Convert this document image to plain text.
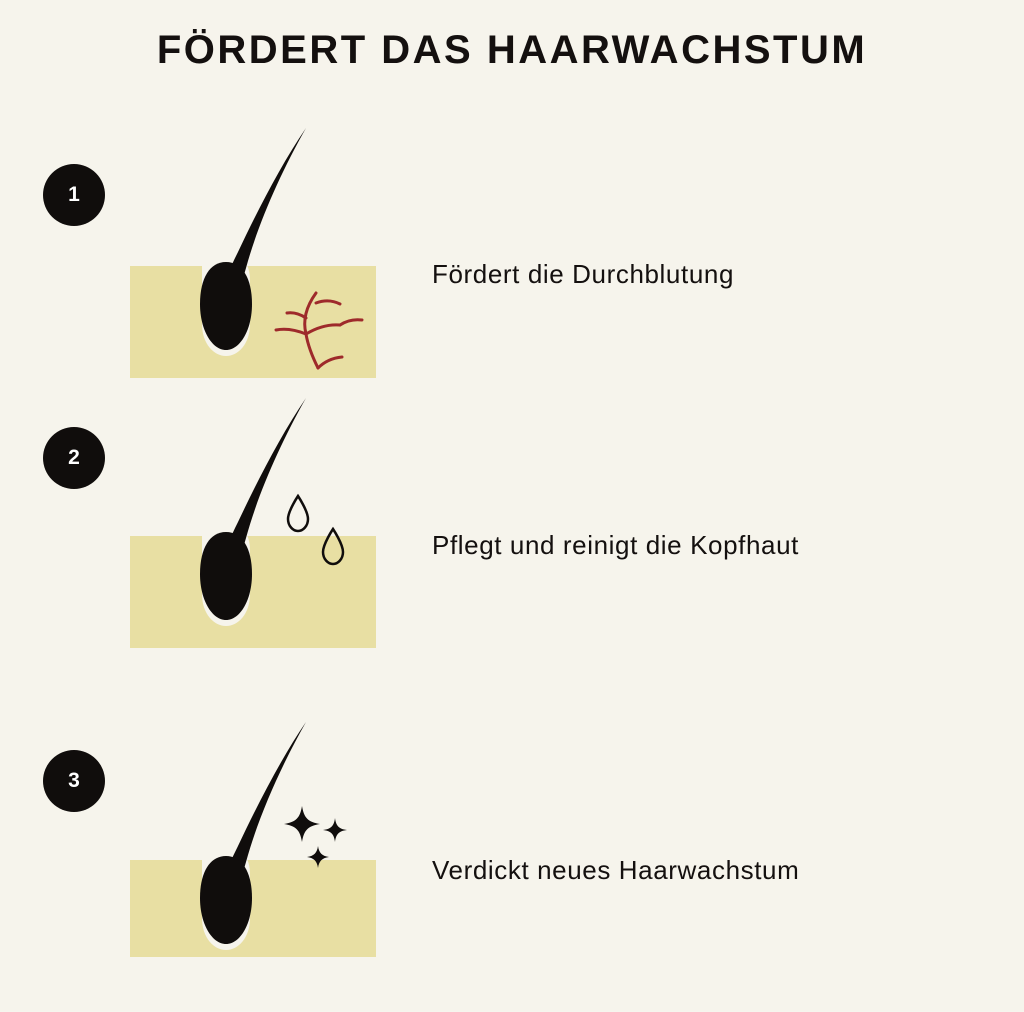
FÖRDERT DAS HAARWACHSTUM
1
Fördert die Durchblutung
2
Pflegt und reinigt die Kopfhaut
3
Verdickt neues Haarwachstum
